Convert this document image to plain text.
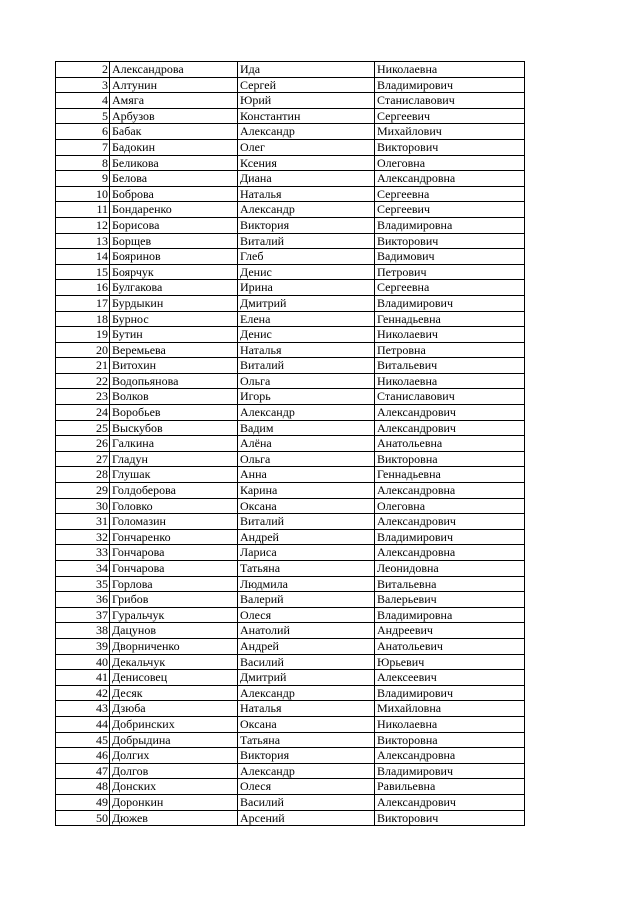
2	Александрова	Ида	Николаевна
3	Алтунин	Сергей	Владимирович
4	Амяга	Юрий	Станиславович
5	Арбузов	Константин	Сергеевич
6	Бабак	Александр	Михайлович
7	Бадокин	Олег	Викторович
8	Беликова	Ксения	Олеговна
9	Белова	Диана	Александровна
10	Боброва	Наталья	Сергеевна
11	Бондаренко	Александр	Сергеевич
12	Борисова	Виктория	Владимировна
13	Борщев	Виталий	Викторович
14	Бояринов	Глеб	Вадимович
15	Боярчук	Денис	Петрович
16	Булгакова	Ирина	Сергеевна
17	Бурдыкин	Дмитрий	Владимирович
18	Бурнос	Елена	Геннадьевна
19	Бутин	Денис	Николаевич
20	Веремьева	Наталья	Петровна
21	Витохин	Виталий	Витальевич
22	Водопьянова	Ольга	Николаевна
23	Волков	Игорь	Станиславович
24	Воробьев	Александр	Александрович
25	Выскубов	Вадим	Александрович
26	Галкина	Алёна	Анатольевна
27	Гладун	Ольга	Викторовна
28	Глушак	Анна	Геннадьевна
29	Голдоберова	Карина	Александровна
30	Головко	Оксана	Олеговна
31	Голомазин	Виталий	Александрович
32	Гончаренко	Андрей	Владимирович
33	Гончарова	Лариса	Александровна
34	Гончарова	Татьяна	Леонидовна
35	Горлова	Людмила	Витальевна
36	Грибов	Валерий	Валерьевич
37	Гуральчук	Олеся	Владимировна
38	Дацунов	Анатолий	Андреевич
39	Дворниченко	Андрей	Анатольевич
40	Декальчук	Василий	Юрьевич
41	Денисовец	Дмитрий	Алексеевич
42	Десяк	Александр	Владимирович
43	Дзюба	Наталья	Михайловна
44	Добринских	Оксана	Николаевна
45	Добрыдина	Татьяна	Викторовна
46	Долгих	Виктория	Александровна
47	Долгов	Александр	Владимирович
48	Донских	Олеся	Равильевна
49	Доронкин	Василий	Александрович
50	Дюжев	Арсений	Викторович
